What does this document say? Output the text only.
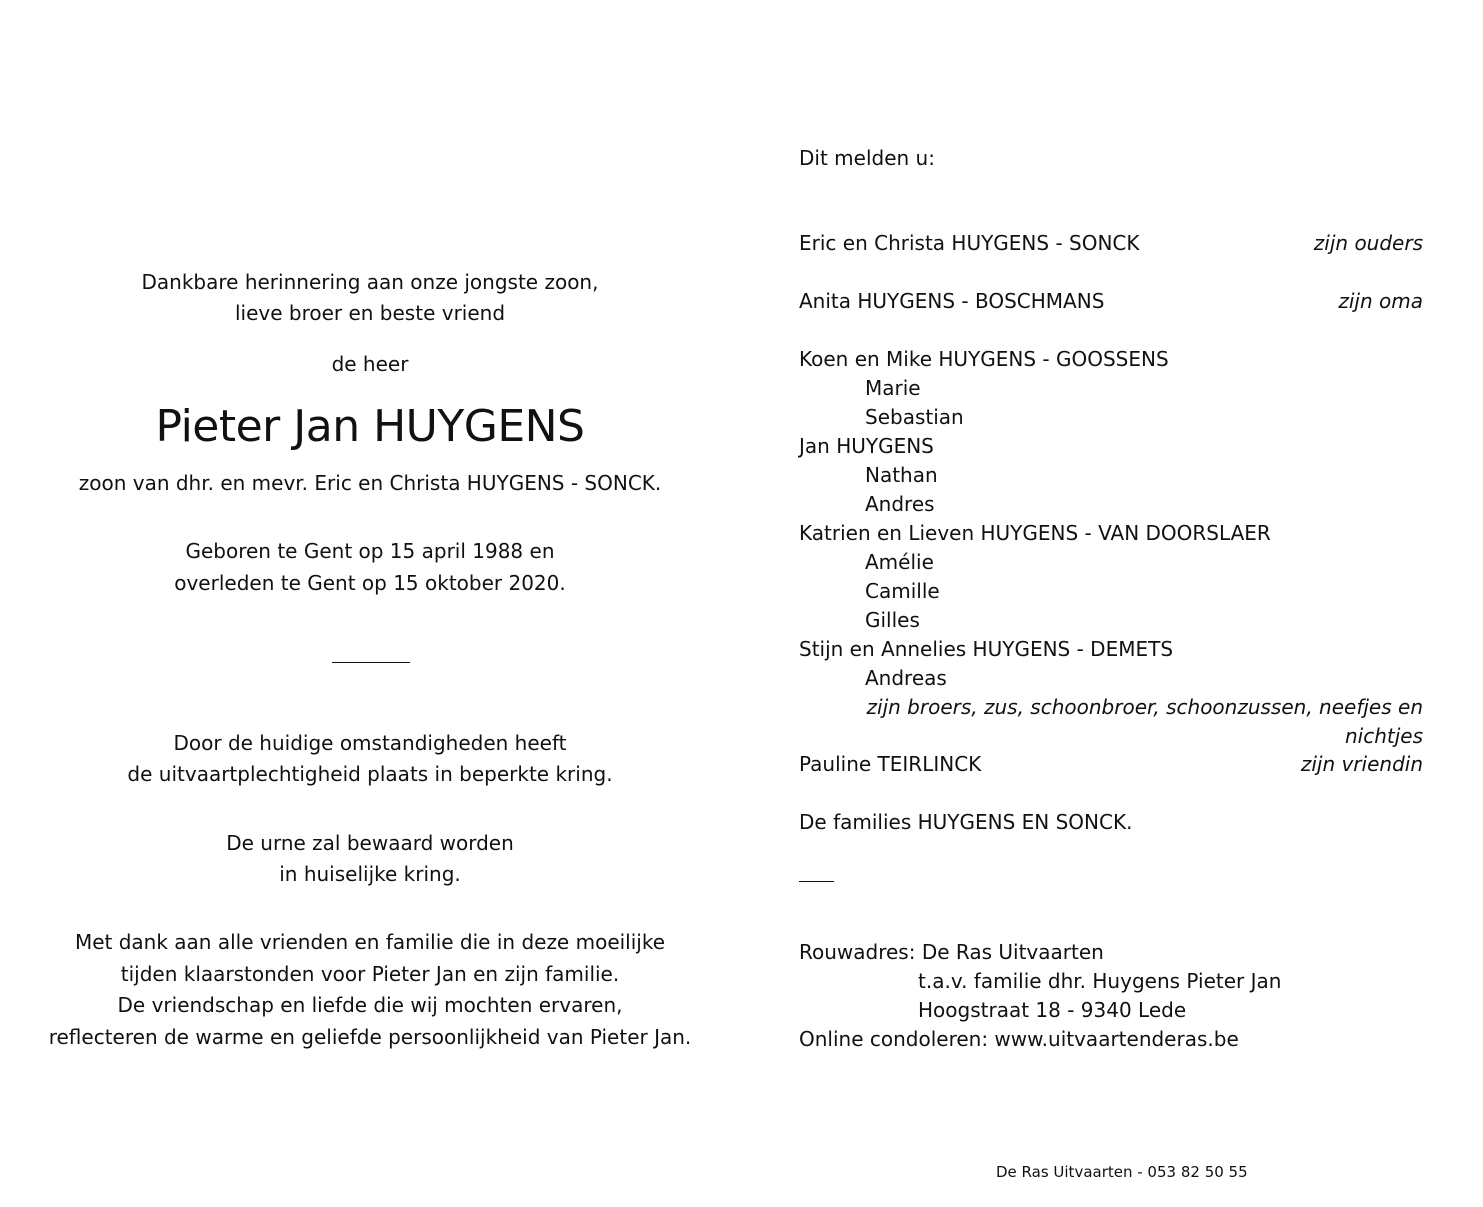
Dankbare herinnering aan onze jongste zoon,

lieve broer en beste vriend

de heer

Pieter Jan HUYGENS

zoon van dhr. en mevr. Eric en Christa HUYGENS - SONCK.

Geboren te Gent op 15 april 1988 en

overleden te Gent op 15 oktober 2020.

Door de huidige omstandigheden heeft

de uitvaartplechtigheid plaats in beperkte kring.

De urne zal bewaard worden

in huiselijke kring.

Met dank aan alle vrienden en familie die in deze moeilijke

tijden klaarstonden voor Pieter Jan en zijn familie.

De vriendschap en liefde die wij mochten ervaren,

reflecteren de warme en geliefde persoonlijkheid van Pieter Jan.

Dit melden u:
Eric en Christa HUYGENS - SONCK	zijn ouders
Anita HUYGENS - BOSCHMANS	zijn oma
Koen en Mike HUYGENS - GOOSSENS
Marie
Sebastian
Jan HUYGENS
Nathan
Andres
Katrien en Lieven HUYGENS - VAN DOORSLAER
Amélie
Camille
Gilles
Stijn en Annelies HUYGENS - DEMETS
Andreas
zijn broers, zus, schoonbroer, schoonzussen, neefjes en nichtjes
Pauline TEIRLINCK	zijn vriendin
De families HUYGENS EN SONCK.
Rouwadres: De Ras Uitvaarten
t.a.v. familie dhr. Huygens Pieter Jan
Hoogstraat 18 - 9340 Lede
Online condoleren: www.uitvaartenderas.be
De Ras Uitvaarten - 053 82 50 55
